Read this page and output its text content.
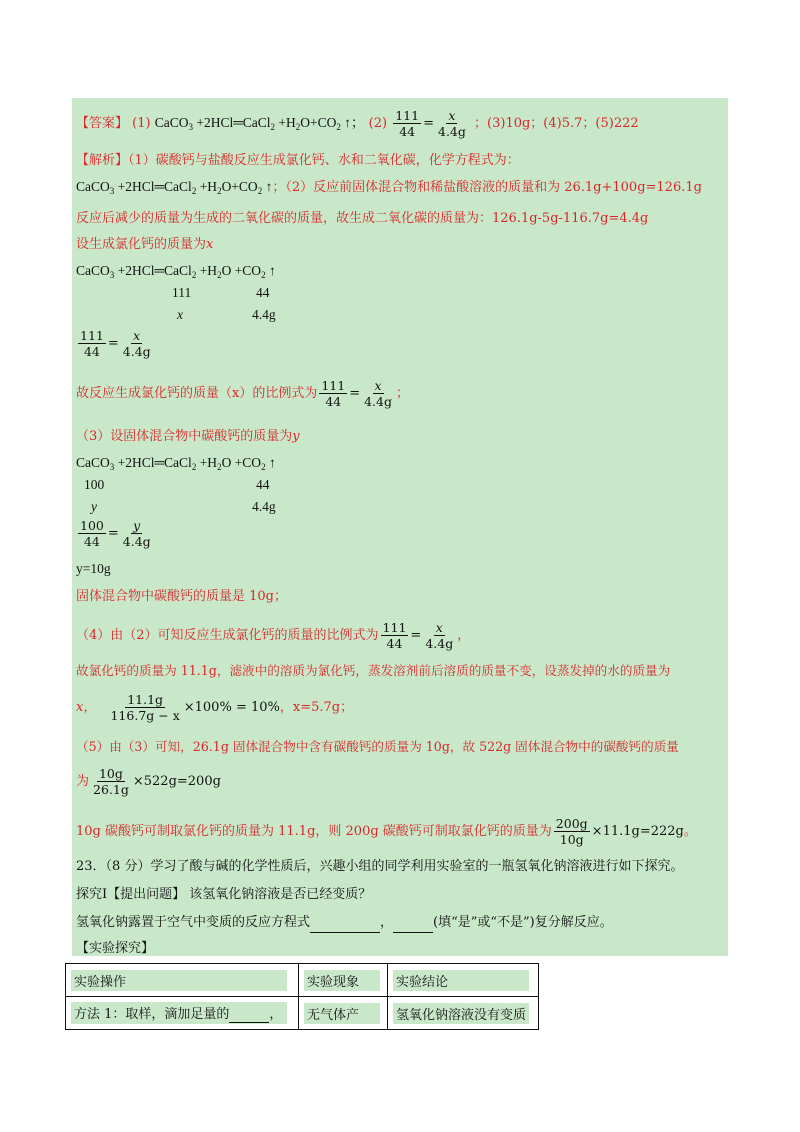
【答案】 (1) CaCO$_3$ +2HCl═CaCl$_2$ $+H_2O+CO_2$ ↑； $(2) \frac{111}{44} = \frac{x}{4.4g}$ ；(3)10g；(4)5.7；(5)222
【解析】（1）碳酸钙与盐酸反应生成氯化钙、水和二氧化碳，化学方程式为：
CaCO$_3$ +2HCl═CaCl$_2$ $+H_2O+CO_2$ ↑；（2）反应前固体混合物和稀盐酸溶液的质量和为 26.1g+100g=126.1g
反应后减少的质量为生成的二氧化碳的质量，故生成二氧化碳的质量为：126.1g-5g-116.7g=4.4g
设生成氯化钙的质量为x
CaCO$_3$ +2HCl═CaCl$_2$ $+H_2O +CO_2$ ↑
111	44
x	4.4g
$\frac{111}{44} = \frac{x}{4.4g}$
故反应生成氯化钙的质量（x）的比例式为 $\frac{111}{44} = \frac{x}{4.4g}$ ；
（3）设固体混合物中碳酸钙的质量为y
CaCO$_3$ +2HCl═CaCl$_2$ $+H_2O +CO_2$ ↑
100	44
y	4.4g
$\frac{100}{44} = \frac{y}{4.4g}$
y=10g
固体混合物中碳酸钙的质量是 10g；
（4）由（2）可知反应生成氯化钙的质量的比例式为 $\frac{111}{44} = \frac{x}{4.4g}$ ，
故氯化钙的质量为 11.1g，滤液中的溶质为氯化钙，蒸发溶剂前后溶质的质量不变，设蒸发掉的水的质量为
x， $\frac{11.1g}{116.7g - x} \times 100\% = 10\%$，x=5.7g；
（5）由（3）可知，26.1g 固体混合物中含有碳酸钙的质量为 10g，故 522g 固体混合物中的碳酸钙的质量
为 $\frac{10g}{26.1g} \times 522g=200g$
10g 碳酸钙可制取氯化钙的质量为 11.1g，则 200g 碳酸钙可制取氯化钙的质量为 $\frac{200g}{10g} \times 11.1g=222g$。
23．（8 分）学习了酸与碱的化学性质后，兴趣小组的同学利用实验室的一瓶氢氧化钠溶液进行如下探究。
探究Ⅰ【提出问题】 该氢氧化钠溶液是否已经变质？
氢氧化钠露置于空气中变质的反应方程式	，	(填“是”或“不是”)复分解反应。
【实验探究】
实验操作	实验现象	实验结论
方法 1：取样，滴加足量的 ，	无气体产	氢氧化钠溶液没有变质
